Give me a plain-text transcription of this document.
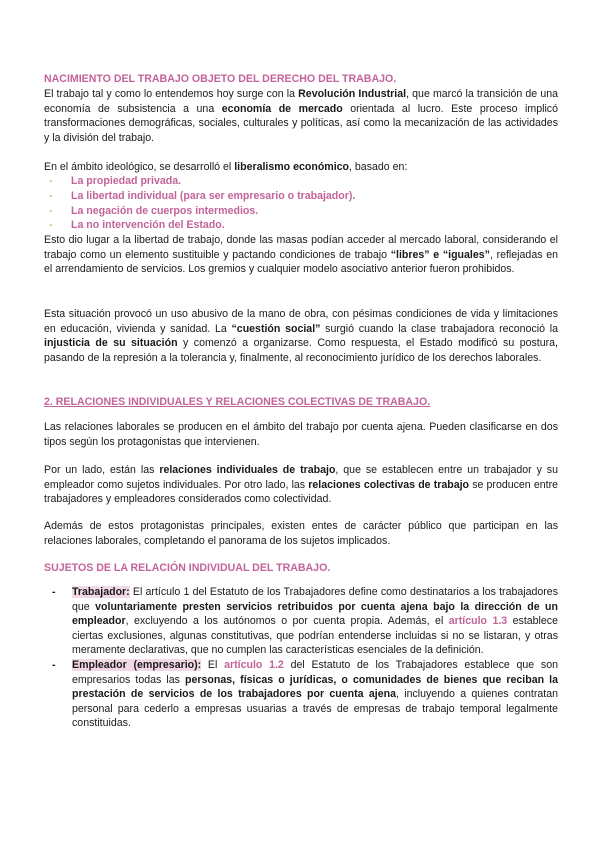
NACIMIENTO DEL TRABAJO OBJETO DEL DERECHO DEL TRABAJO.
El trabajo tal y como lo entendemos hoy surge con la Revolución Industrial, que marcó la transición de una economía de subsistencia a una economía de mercado orientada al lucro. Este proceso implicó transformaciones demográficas, sociales, culturales y políticas, así como la mecanización de las actividades y la división del trabajo.
En el ámbito ideológico, se desarrolló el liberalismo económico, basado en:
- La propiedad privada.
- La libertad individual (para ser empresario o trabajador).
- La negación de cuerpos intermedios.
- La no intervención del Estado.
Esto dio lugar a la libertad de trabajo, donde las masas podían acceder al mercado laboral, considerando el trabajo como un elemento sustituible y pactando condiciones de trabajo “libres” e “iguales”, reflejadas en el arrendamiento de servicios. Los gremios y cualquier modelo asociativo anterior fueron prohibidos.
Esta situación provocó un uso abusivo de la mano de obra, con pésimas condiciones de vida y limitaciones en educación, vivienda y sanidad. La “cuestión social” surgió cuando la clase trabajadora reconoció la injusticia de su situación y comenzó a organizarse. Como respuesta, el Estado modificó su postura, pasando de la represión a la tolerancia y, finalmente, al reconocimiento jurídico de los derechos laborales.
2. RELACIONES INDIVIDUALES Y RELACIONES COLECTIVAS DE TRABAJO.
Las relaciones laborales se producen en el ámbito del trabajo por cuenta ajena. Pueden clasificarse en dos tipos según los protagonistas que intervienen.
Por un lado, están las relaciones individuales de trabajo, que se establecen entre un trabajador y su empleador como sujetos individuales. Por otro lado, las relaciones colectivas de trabajo se producen entre trabajadores y empleadores considerados como colectividad.
Además de estos protagonistas principales, existen entes de carácter público que participan en las relaciones laborales, completando el panorama de los sujetos implicados.
SUJETOS DE LA RELACIÓN INDIVIDUAL DEL TRABAJO.
- Trabajador: El artículo 1 del Estatuto de los Trabajadores define como destinatarios a los trabajadores que voluntariamente presten servicios retribuidos por cuenta ajena bajo la dirección de un empleador, excluyendo a los autónomos o por cuenta propia. Además, el artículo 1.3 establece ciertas exclusiones, algunas constitutivas, que podrían entenderse incluidas si no se listaran, y otras meramente declarativas, que no cumplen las características esenciales de la definición.
- Empleador (empresario): El artículo 1.2 del Estatuto de los Trabajadores establece que son empresarios todas las personas, físicas o jurídicas, o comunidades de bienes que reciban la prestación de servicios de los trabajadores por cuenta ajena, incluyendo a quienes contratan personal para cederlo a empresas usuarias a través de empresas de trabajo temporal legalmente constituidas.
